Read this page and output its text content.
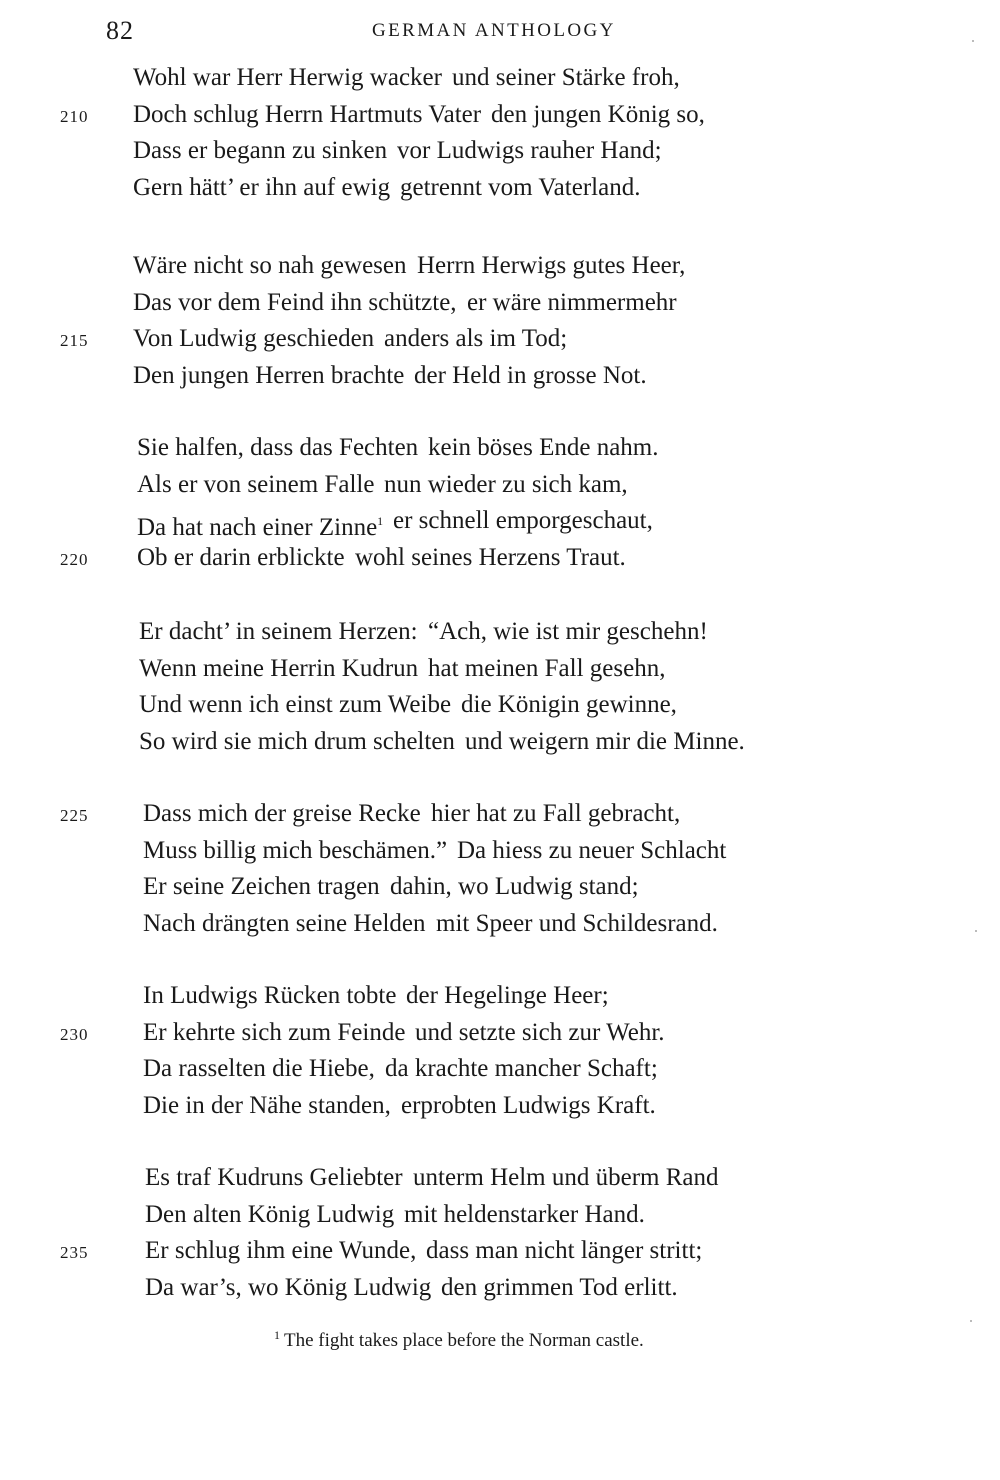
82	GERMAN ANTHOLOGY
Wohl war Herr Herwig wacker und seiner Stärke froh,
210 Doch schlug Herrn Hartmuts Vater den jungen König so,
Dass er begann zu sinken vor Ludwigs rauher Hand;
Gern hätt’ er ihn auf ewig getrennt vom Vaterland.
Wäre nicht so nah gewesen Herrn Herwigs gutes Heer,
Das vor dem Feind ihn schützte, er wäre nimmermehr
215 Von Ludwig geschieden anders als im Tod;
Den jungen Herren brachte der Held in grosse Not.
Sie halfen, dass das Fechten kein böses Ende nahm.
Als er von seinem Falle nun wieder zu sich kam,
Da hat nach einer Zinne$^1$ er schnell emporgeschaut,
220 Ob er darin erblickte wohl seines Herzens Traut.
Er dacht’ in seinem Herzen: “Ach, wie ist mir geschehn!
Wenn meine Herrin Kudrun hat meinen Fall gesehn,
Und wenn ich einst zum Weibe die Königin gewinne,
So wird sie mich drum schelten und weigern mir die Minne.
225 Dass mich der greise Recke hier hat zu Fall gebracht,
Muss billig mich beschämen.” Da hiess zu neuer Schlacht
Er seine Zeichen tragen dahin, wo Ludwig stand;
Nach drängten seine Helden mit Speer und Schildesrand.
In Ludwigs Rücken tobte der Hegelinge Heer;
230 Er kehrte sich zum Feinde und setzte sich zur Wehr.
Da rasselten die Hiebe, da krachte mancher Schaft;
Die in der Nähe standen, erprobten Ludwigs Kraft.
Es traf Kudruns Geliebter unterm Helm und überm Rand
Den alten König Ludwig mit heldenstarker Hand.
235 Er schlug ihm eine Wunde, dass man nicht länger stritt;
Da war’s, wo König Ludwig den grimmen Tod erlitt.
$^1$ The fight takes place before the Norman castle.
